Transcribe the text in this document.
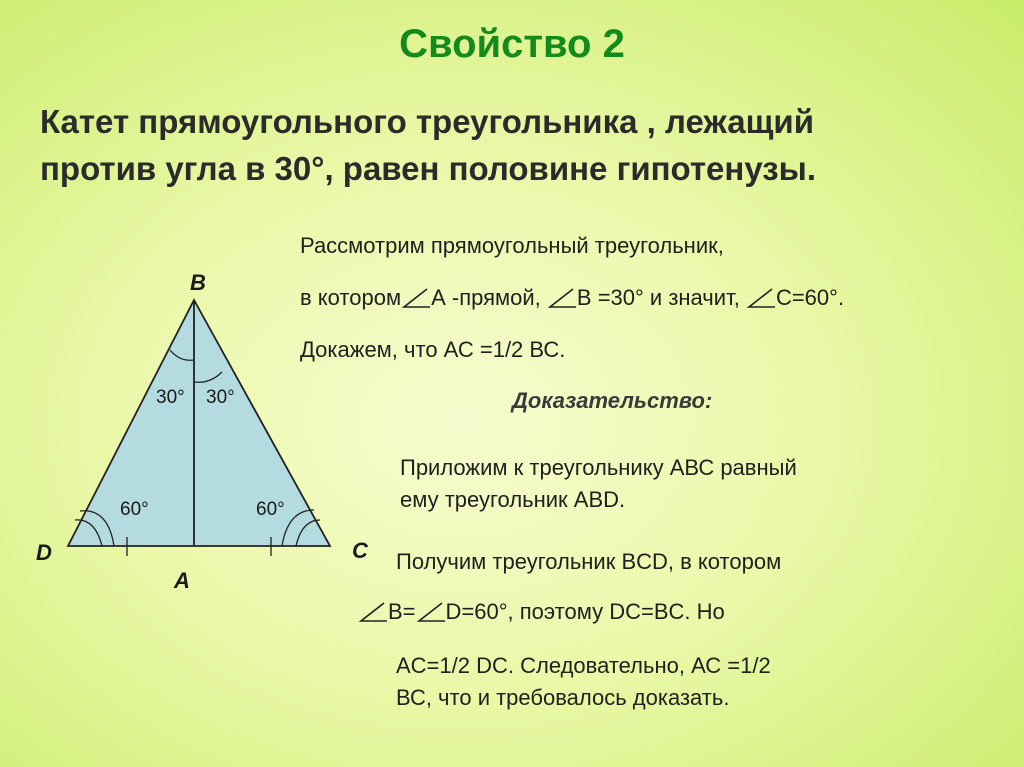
Свойство 2
Катет прямоугольного треугольника , лежащий
против угла в 30°, равен половине гипотенузы.
B
D	C
A
30° 30°
60°	60°
Рассмотрим прямоугольный треугольник,
в котором А -прямой,
В =30° и значит,
С=60°.
Докажем, что АС =1/2 ВС.
Доказательство:
Приложим к треугольнику АВС равный
ему треугольник ABD.
Получим треугольник BCD, в котором
В= D=60°, поэтому DC=BC. Но
AC=1/2 DC. Следовательно, АС =1/2
ВС, что и требовалось доказать.
